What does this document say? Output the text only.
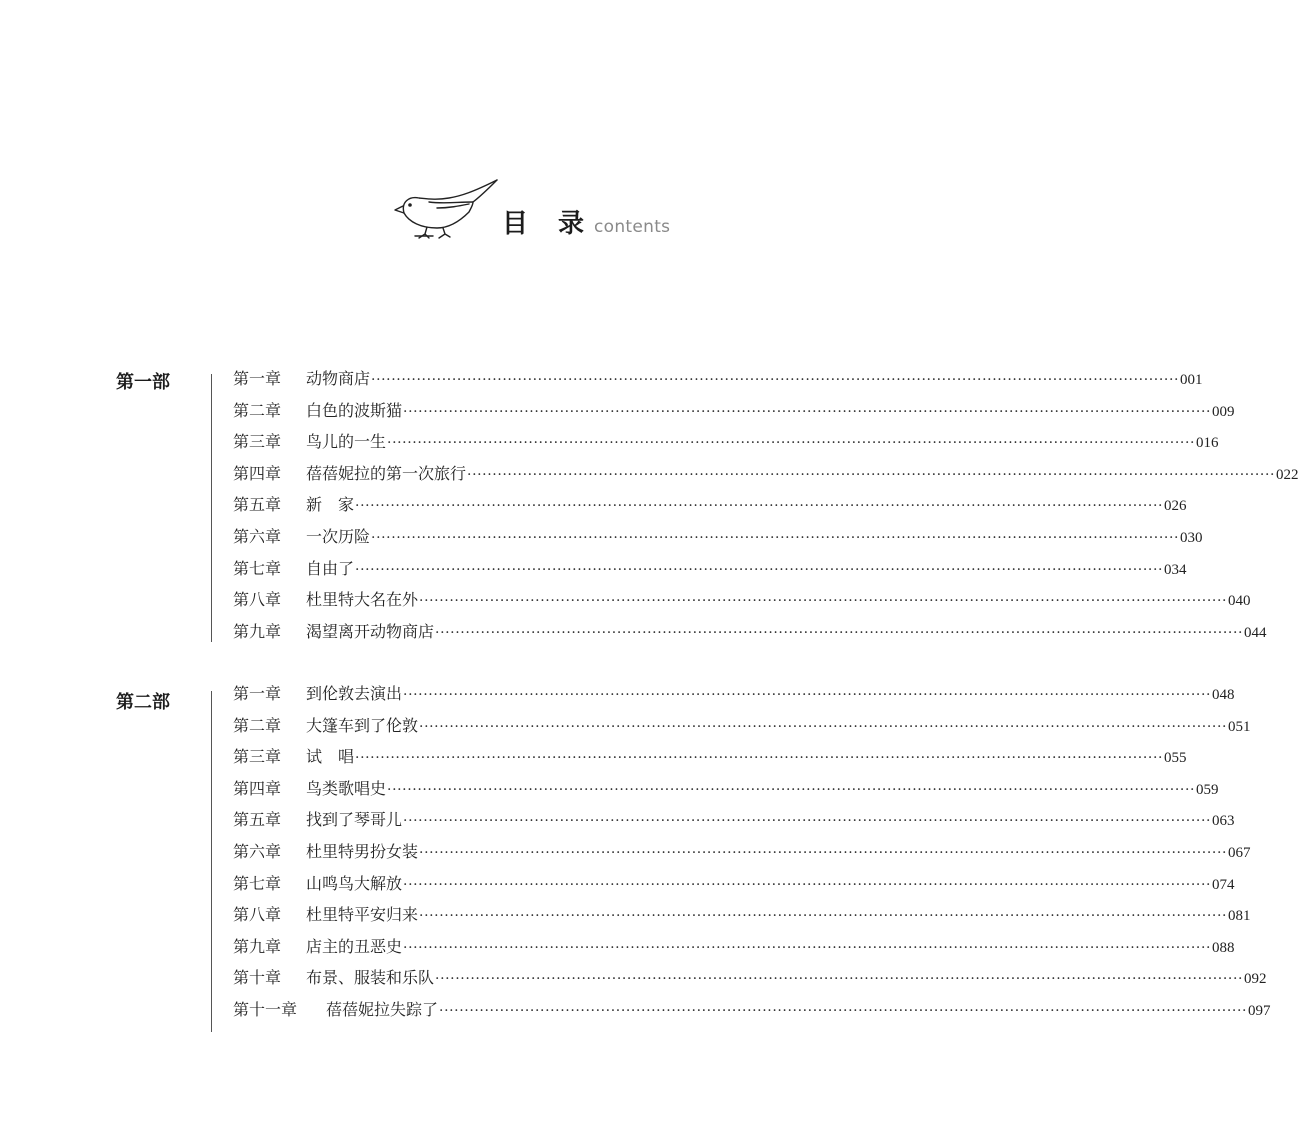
目 录 contents
第一部	第一章	动物商店 ································································································································································ 001
第二章	白色的波斯猫 ································································································································································ 009
第三章	鸟儿的一生 ································································································································································ 016
第四章	蓓蓓妮拉的第一次旅行 ································································································································································ 022
第五章	新　家 ································································································································································ 026
第六章	一次历险 ································································································································································ 030
第七章	自由了 ································································································································································ 034
第八章	杜里特大名在外 ································································································································································ 040
第九章	渴望离开动物商店 ································································································································································ 044
第二部	第一章	到伦敦去演出 ································································································································································ 048
第二章	大篷车到了伦敦 ································································································································································ 051
第三章	试　唱 ································································································································································ 055
第四章	鸟类歌唱史 ································································································································································ 059
第五章	找到了琴哥儿 ································································································································································ 063
第六章	杜里特男扮女装 ································································································································································ 067
第七章	山鸣鸟大解放 ································································································································································ 074
第八章	杜里特平安归来 ································································································································································ 081
第九章	店主的丑恶史 ································································································································································ 088
第十章	布景、服装和乐队 ································································································································································ 092
第十一章	蓓蓓妮拉失踪了 ································································································································································ 097
